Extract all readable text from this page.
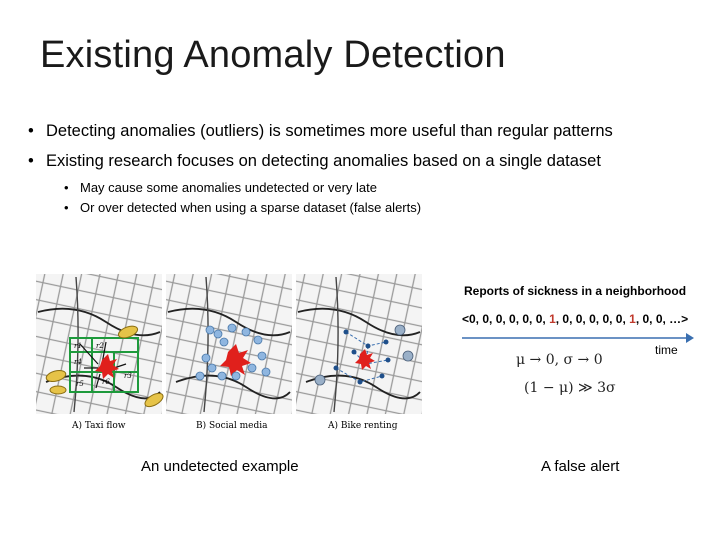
Existing Anomaly Detection
• Detecting anomalies (outliers) is sometimes more useful than regular patterns
• Existing research focuses on detecting anomalies based on a single dataset
• May cause some anomalies undetected or very late
• Or over detected when using a sparse dataset (false alerts)
r1 r2
r3
r4
r5	r6
A) Taxi flow	B) Social media	A) Bike renting
An undetected example
Reports of sickness in a neighborhood
<0, 0, 0, 0, 0, 0, 1, 0, 0, 0, 0, 0, 1, 0, 0, …>
time
μ → 0, σ → 0
(1 − μ) ≫ 3σ
A false alert
